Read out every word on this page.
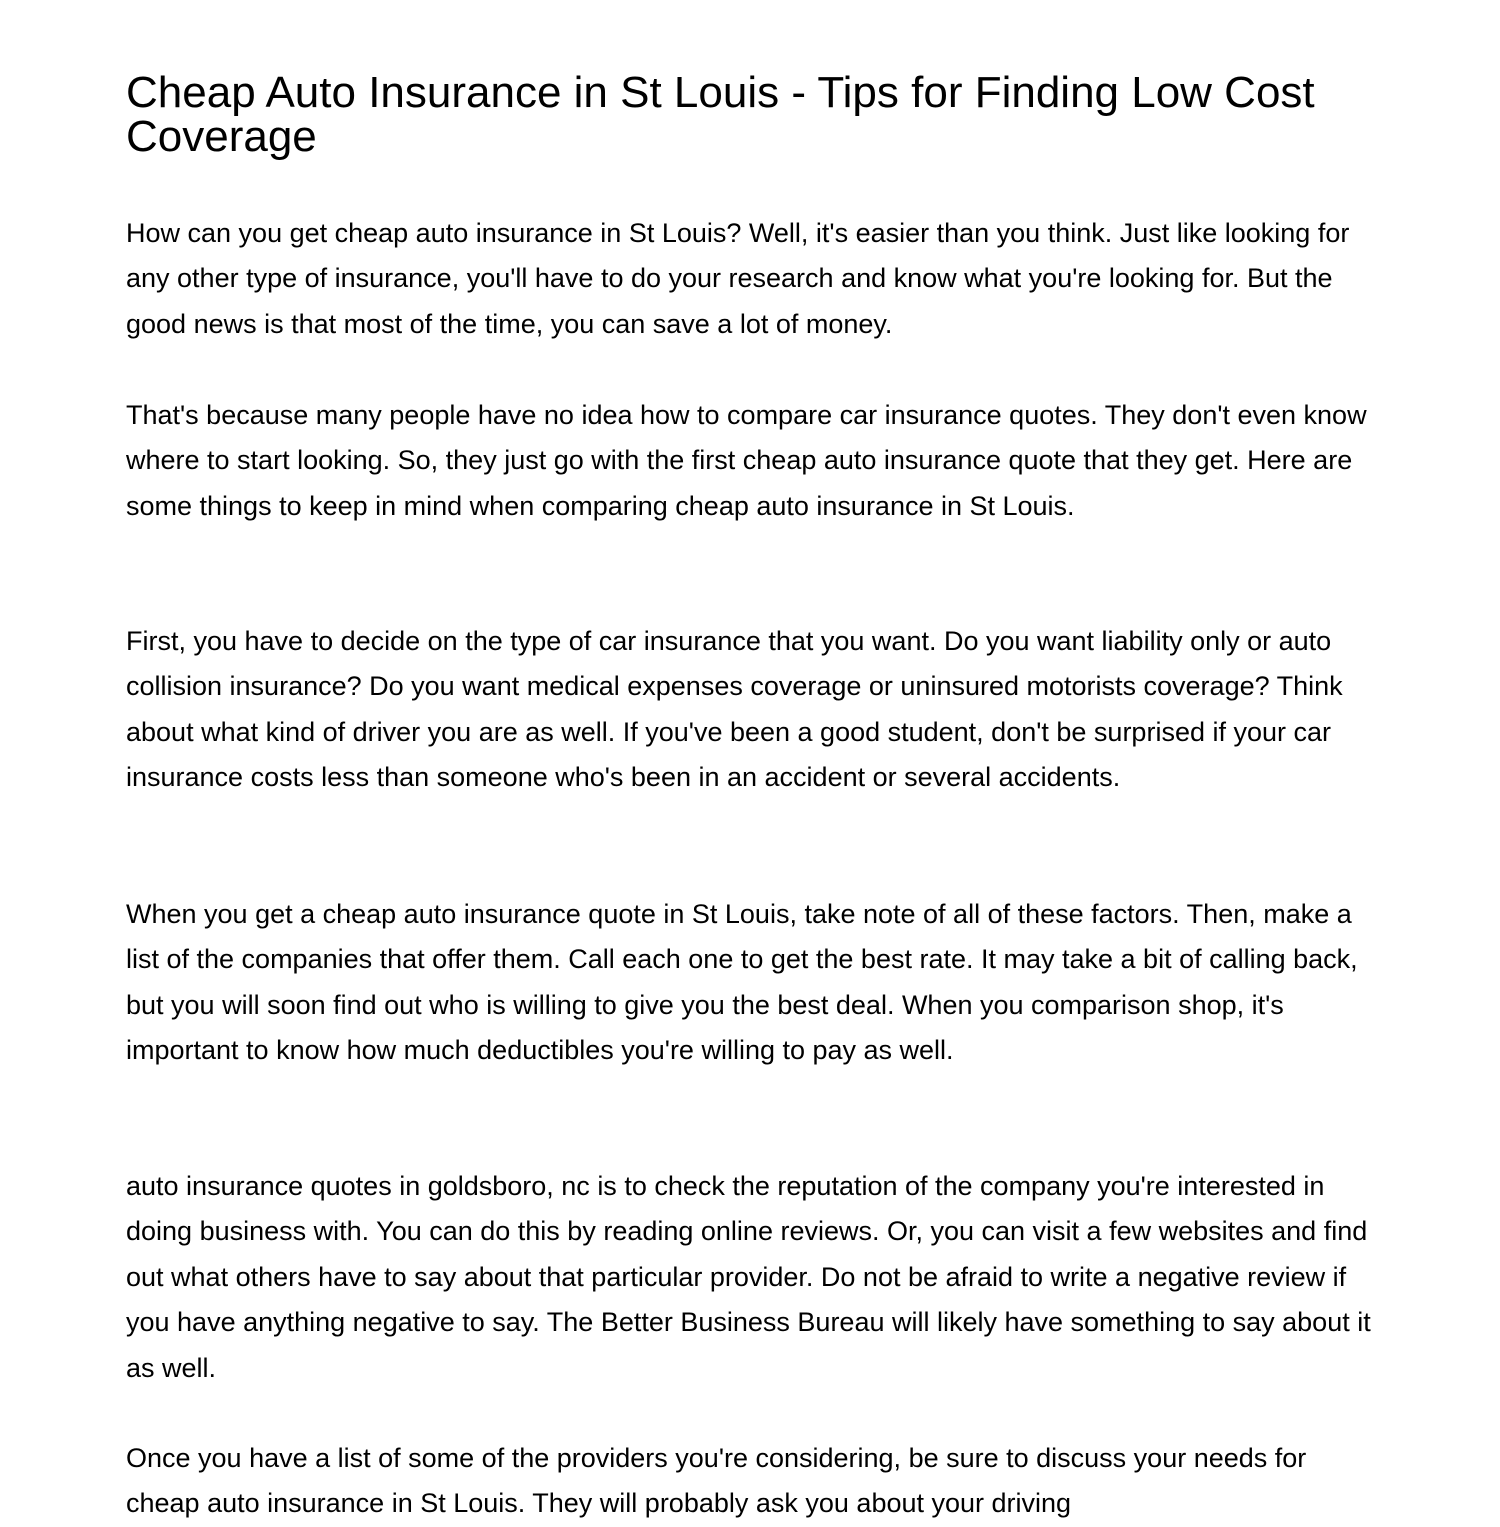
Cheap Auto Insurance in St Louis - Tips for Finding Low Cost Coverage

How can you get cheap auto insurance in St Louis? Well, it's easier than you think. Just like looking for any other type of insurance, you'll have to do your research and know what you're looking for. But the good news is that most of the time, you can save a lot of money.

That's because many people have no idea how to compare car insurance quotes. They don't even know where to start looking. So, they just go with the first cheap auto insurance quote that they get. Here are some things to keep in mind when comparing cheap auto insurance in St Louis.

First, you have to decide on the type of car insurance that you want. Do you want liability only or auto collision insurance? Do you want medical expenses coverage or uninsured motorists coverage? Think about what kind of driver you are as well. If you've been a good student, don't be surprised if your car insurance costs less than someone who's been in an accident or several accidents.

When you get a cheap auto insurance quote in St Louis, take note of all of these factors. Then, make a list of the companies that offer them. Call each one to get the best rate. It may take a bit of calling back, but you will soon find out who is willing to give you the best deal. When you comparison shop, it's important to know how much deductibles you're willing to pay as well.

auto insurance quotes in goldsboro, nc is to check the reputation of the company you're interested in doing business with. You can do this by reading online reviews. Or, you can visit a few websites and find out what others have to say about that particular provider. Do not be afraid to write a negative review if you have anything negative to say. The Better Business Bureau will likely have something to say about it as well.

Once you have a list of some of the providers you're considering, be sure to discuss your needs for cheap auto insurance in St Louis. They will probably ask you about your driving
